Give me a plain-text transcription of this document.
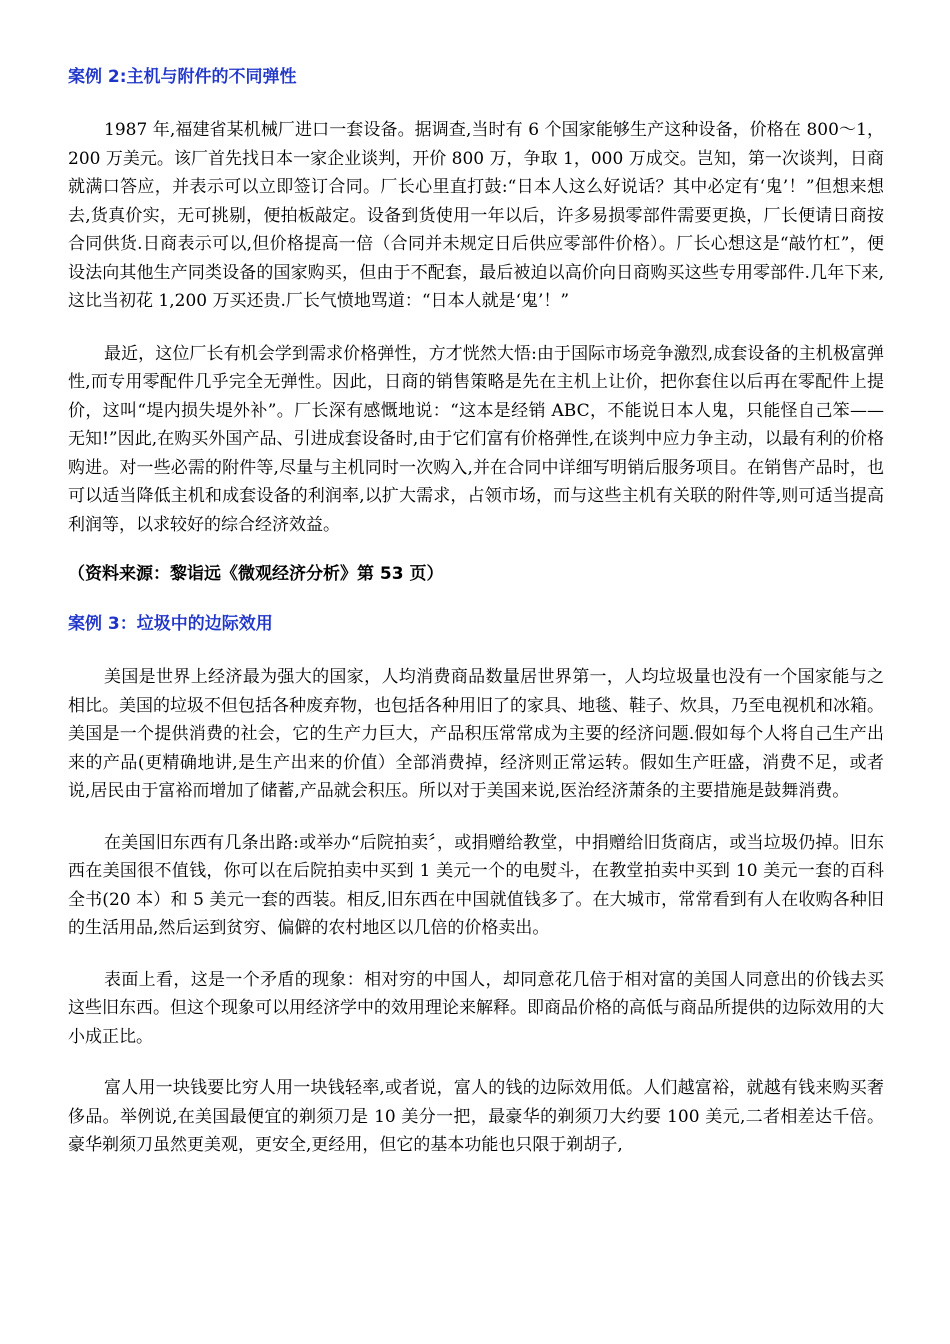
案例 2:主机与附件的不同弹性

1987 年,福建省某机械厂进口一套设备。据调查,当时有 6 个国家能够生产这种设备，价格在 800～1，200 万美元。该厂首先找日本一家企业谈判，开价 800 万，争取 1，000 万成交。岂知，第一次谈判，日商就满口答应，并表示可以立即签订合同。厂长心里直打鼓:“日本人这么好说话？其中必定有‘鬼’！”但想来想去,货真价实，无可挑剔，便拍板敲定。设备到货使用一年以后，许多易损零部件需要更换，厂长便请日商按合同供货.日商表示可以,但价格提高一倍（合同并未规定日后供应零部件价格）。厂长心想这是“敲竹杠”，便设法向其他生产同类设备的国家购买，但由于不配套，最后被迫以高价向日商购买这些专用零部件.几年下来,这比当初花 1,200 万买还贵.厂长气愤地骂道：“日本人就是‘鬼’！”

最近，这位厂长有机会学到需求价格弹性，方才恍然大悟:由于国际市场竞争激烈,成套设备的主机极富弹性,而专用零配件几乎完全无弹性。因此，日商的销售策略是先在主机上让价，把你套住以后再在零配件上提价，这叫“堤内损失堤外补”。厂长深有感慨地说：“这本是经销 ABC，不能说日本人鬼，只能怪自己笨——无知!”因此,在购买外国产品、引进成套设备时,由于它们富有价格弹性,在谈判中应力争主动，以最有利的价格购进。对一些必需的附件等,尽量与主机同时一次购入,并在合同中详细写明销后服务项目。在销售产品时，也可以适当降低主机和成套设备的利润率,以扩大需求，占领市场，而与这些主机有关联的附件等,则可适当提高利润等，以求较好的综合经济效益。

（资料来源：黎诣远《微观经济分析》第 53 页）

案例 3：垃圾中的边际效用

美国是世界上经济最为强大的国家，人均消费商品数量居世界第一，人均垃圾量也没有一个国家能与之相比。美国的垃圾不但包括各种废弃物，也包括各种用旧了的家具、地毯、鞋子、炊具，乃至电视机和冰箱。美国是一个提供消费的社会，它的生产力巨大，产品积压常常成为主要的经济问题.假如每个人将自己生产出来的产品(更精确地讲,是生产出来的价值）全部消费掉，经济则正常运转。假如生产旺盛，消费不足，或者说,居民由于富裕而增加了储蓄,产品就会积压。所以对于美国来说,医治经济萧条的主要措施是鼓舞消费。

在美国旧东西有几条出路:或举办“后院拍卖〞，或捐赠给教堂，中捐赠给旧货商店，或当垃圾仍掉。旧东西在美国很不值钱，你可以在后院拍卖中买到 1 美元一个的电熨斗，在教堂拍卖中买到 10 美元一套的百科全书(20 本）和 5 美元一套的西装。相反,旧东西在中国就值钱多了。在大城市，常常看到有人在收购各种旧的生活用品,然后运到贫穷、偏僻的农村地区以几倍的价格卖出。

表面上看，这是一个矛盾的现象：相对穷的中国人，却同意花几倍于相对富的美国人同意出的价钱去买这些旧东西。但这个现象可以用经济学中的效用理论来解释。即商品价格的高低与商品所提供的边际效用的大小成正比。

富人用一块钱要比穷人用一块钱轻率,或者说，富人的钱的边际效用低。人们越富裕，就越有钱来购买奢侈品。举例说,在美国最便宜的剃须刀是 10 美分一把，最豪华的剃须刀大约要 100 美元,二者相差达千倍。豪华剃须刀虽然更美观，更安全,更经用，但它的基本功能也只限于剃胡子,
